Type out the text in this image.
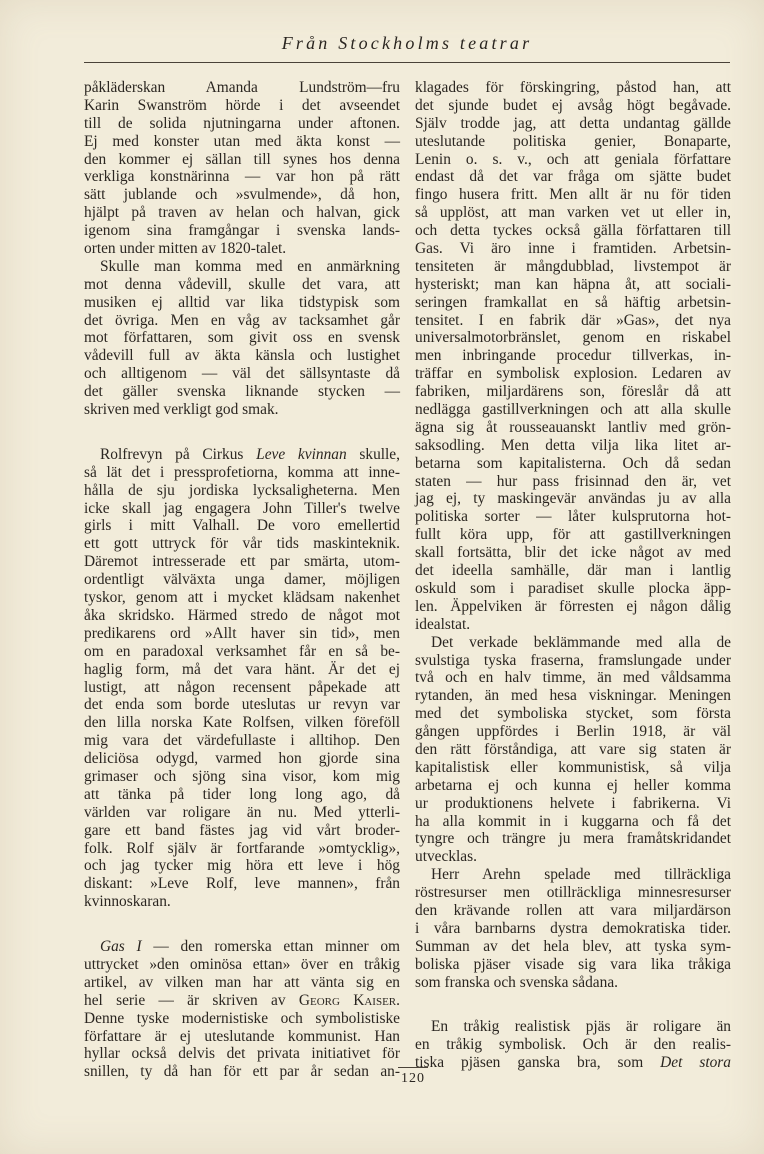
Från Stockholms teatrar
påkläderskan Amanda Lundström—fru
Karin Swanström hörde i det avseendet
till de solida njutningarna under aftonen.
Ej med konster utan med äkta konst —
den kommer ej sällan till synes hos denna
verkliga konstnärinna — var hon på rätt
sätt jublande och »svulmende», då hon,
hjälpt på traven av helan och halvan, gick
igenom sina framgångar i svenska lands-
orten under mitten av 1820-talet.
Skulle man komma med en anmärkning
mot denna vådevill, skulle det vara, att
musiken ej alltid var lika tidstypisk som
det övriga. Men en våg av tacksamhet går
mot författaren, som givit oss en svensk
vådevill full av äkta känsla och lustighet
och alltigenom — väl det sällsyntaste då
det gäller svenska liknande stycken —
skriven med verkligt god smak.
Rolfrevyn på Cirkus Leve kvinnan skulle,
så lät det i pressprofetiorna, komma att inne-
hålla de sju jordiska lycksaligheterna. Men
icke skall jag engagera John Tiller's twelve
girls i mitt Valhall. De voro emellertid
ett gott uttryck för vår tids maskinteknik.
Däremot intresserade ett par smärta, utom-
ordentligt välväxta unga damer, möjligen
tyskor, genom att i mycket klädsam nakenhet
åka skridsko. Härmed stredo de något mot
predikarens ord »Allt haver sin tid», men
om en paradoxal verksamhet får en så be-
haglig form, må det vara hänt. Är det ej
lustigt, att någon recensent påpekade att
det enda som borde uteslutas ur revyn var
den lilla norska Kate Rolfsen, vilken föreföll
mig vara det värdefullaste i alltihop. Den
deliciösa odygd, varmed hon gjorde sina
grimaser och sjöng sina visor, kom mig
att tänka på tider long long ago, då
världen var roligare än nu. Med ytterli-
gare ett band fästes jag vid vårt broder-
folk. Rolf själv är fortfarande »omtycklig»,
och jag tycker mig höra ett leve i hög
diskant: »Leve Rolf, leve mannen», från
kvinnoskaran.
Gas I — den romerska ettan minner om
uttrycket »den ominösa ettan» över en tråkig
artikel, av vilken man har att vänta sig en
hel serie — är skriven av Georg Kaiser.
Denne tyske modernistiske och symbolistiske
författare är ej uteslutande kommunist. Han
hyllar också delvis det privata initiativet för
snillen, ty då han för ett par år sedan an-
klagades för förskingring, påstod han, att
det sjunde budet ej avsåg högt begåvade.
Själv trodde jag, att detta undantag gällde
uteslutande politiska genier, Bonaparte,
Lenin o. s. v., och att geniala författare
endast då det var fråga om sjätte budet
fingo husera fritt. Men allt är nu för tiden
så upplöst, att man varken vet ut eller in,
och detta tyckes också gälla författaren till
Gas. Vi äro inne i framtiden. Arbetsin-
tensiteten är mångdubblad, livstempot är
hysteriskt; man kan häpna åt, att sociali-
seringen framkallat en så häftig arbetsin-
tensitet. I en fabrik där »Gas», det nya
universalmotorbränslet, genom en riskabel
men inbringande procedur tillverkas, in-
träffar en symbolisk explosion. Ledaren av
fabriken, miljardärens son, föreslår då att
nedlägga gastillverkningen och att alla skulle
ägna sig åt rousseauanskt lantliv med grön-
saksodling. Men detta vilja lika litet ar-
betarna som kapitalisterna. Och då sedan
staten — hur pass frisinnad den är, vet
jag ej, ty maskingevär användas ju av alla
politiska sorter — låter kulsprutorna hot-
fullt köra upp, för att gastillverkningen
skall fortsätta, blir det icke något av med
det ideella samhälle, där man i lantlig
oskuld som i paradiset skulle plocka äpp-
len. Äppelviken är förresten ej någon dålig
idealstat.
Det verkade beklämmande med alla de
svulstiga tyska fraserna, framslungade under
två och en halv timme, än med våldsamma
rytanden, än med hesa viskningar. Meningen
med det symboliska stycket, som första
gången uppfördes i Berlin 1918, är väl
den rätt förståndiga, att vare sig staten är
kapitalistisk eller kommunistisk, så vilja
arbetarna ej och kunna ej heller komma
ur produktionens helvete i fabrikerna. Vi
ha alla kommit in i kuggarna och få det
tyngre och trängre ju mera framåtskridandet
utvecklas.
Herr Arehn spelade med tillräckliga
röstresurser men otillräckliga minnesresurser
den krävande rollen att vara miljardärson
i våra barnbarns dystra demokratiska tider.
Summan av det hela blev, att tyska sym-
boliska pjäser visade sig vara lika tråkiga
som franska och svenska sådana.
En tråkig realistisk pjäs är roligare än
en tråkig symbolisk. Och är den realis-
tiska pjäsen ganska bra, som Det stora
120
